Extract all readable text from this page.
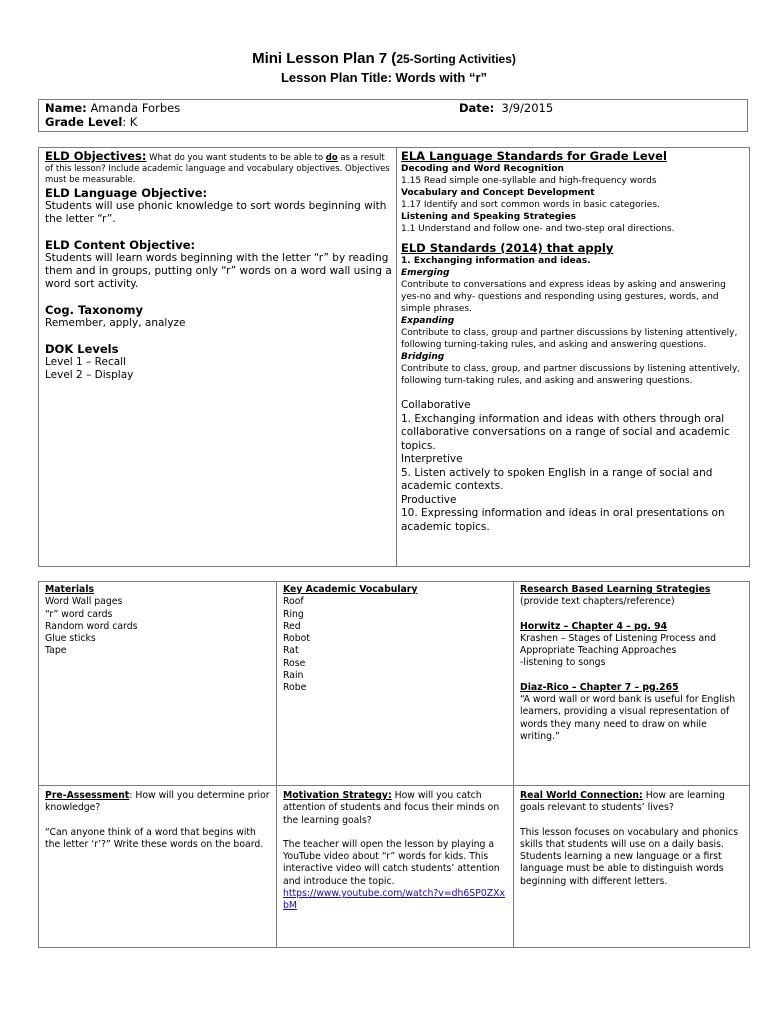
Mini Lesson Plan 7 (25-Sorting Activities)
Lesson Plan Title: Words with “r”
Name: Amanda Forbes
Grade Level: K
Date: 3/9/2015
ELD Objectives: What do you want students to be able to do as a result of this lesson? Include academic language and vocabulary objectives. Objectives must be measurable.
ELD Language Objective:
Students will use phonic knowledge to sort words beginning with the letter “r”.
ELD Content Objective:
Students will learn words beginning with the letter “r” by reading them and in groups, putting only “r” words on a word wall using a word sort activity.
Cog. Taxonomy
Remember, apply, analyze
DOK Levels
Level 1 – Recall
Level 2 – Display
ELA Language Standards for Grade Level
Decoding and Word Recognition
1.15 Read simple one-syllable and high-frequency words
Vocabulary and Concept Development
1.17 Identify and sort common words in basic categories.
Listening and Speaking Strategies
1.1 Understand and follow one- and two-step oral directions.
ELD Standards (2014) that apply
1. Exchanging information and ideas.
Emerging
Contribute to conversations and express ideas by asking and answering yes-no and why- questions and responding using gestures, words, and simple phrases.
Expanding
Contribute to class, group and partner discussions by listening attentively, following turning-taking rules, and asking and answering questions.
Bridging
Contribute to class, group, and partner discussions by listening attentively, following turn-taking rules, and asking and answering questions.
Collaborative
1. Exchanging information and ideas with others through oral collaborative conversations on a range of social and academic topics.
Interpretive
5. Listen actively to spoken English in a range of social and academic contexts.
Productive
10. Expressing information and ideas in oral presentations on academic topics.
Materials
Word Wall pages
“r” word cards
Random word cards
Glue sticks
Tape
Key Academic Vocabulary
Roof
Ring
Red
Robot
Rat
Rose
Rain
Robe
Research Based Learning Strategies
(provide text chapters/reference)
Horwitz – Chapter 4 – pg. 94
Krashen – Stages of Listening Process and Appropriate Teaching Approaches
-listening to songs
Diaz-Rico – Chapter 7 – pg.265
“A word wall or word bank is useful for English learners, providing a visual representation of words they many need to draw on while writing.”
Pre-Assessment: How will you determine prior knowledge?
“Can anyone think of a word that begins with the letter ‘r’?” Write these words on the board.
Motivation Strategy: How will you catch attention of students and focus their minds on the learning goals?
The teacher will open the lesson by playing a YouTube video about “r” words for kids. This interactive video will catch students’ attention and introduce the topic.
https://www.youtube.com/watch?v=dh6SP0ZXxbM
Real World Connection: How are learning goals relevant to students’ lives?
This lesson focuses on vocabulary and phonics skills that students will use on a daily basis. Students learning a new language or a first language must be able to distinguish words beginning with different letters.
